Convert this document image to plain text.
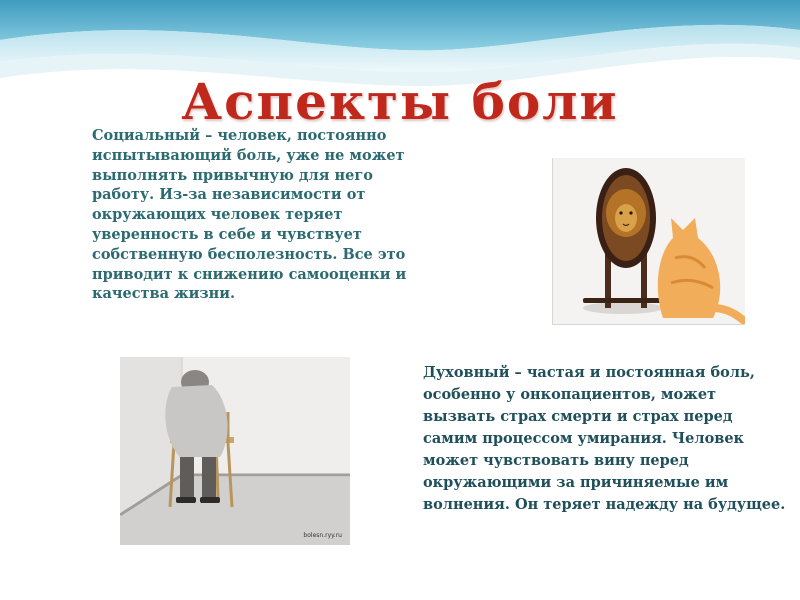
Аспекты боли
Социальный – человек, постоянно испытывающий боль, уже не может выполнять привычную для него работу. Из-за независимости от окружающих человек теряет уверенность в себе и чувствует собственную бесполезность. Все это приводит к снижению самооценки и качества жизни.
bolesn.ryy.ru
Духовный – частая и постоянная боль, особенно у онкопациентов, может вызвать страх смерти и страх перед самим процессом умирания. Человек может чувствовать вину перед окружающими за причиняемые им волнения. Он теряет надежду на будущее.
